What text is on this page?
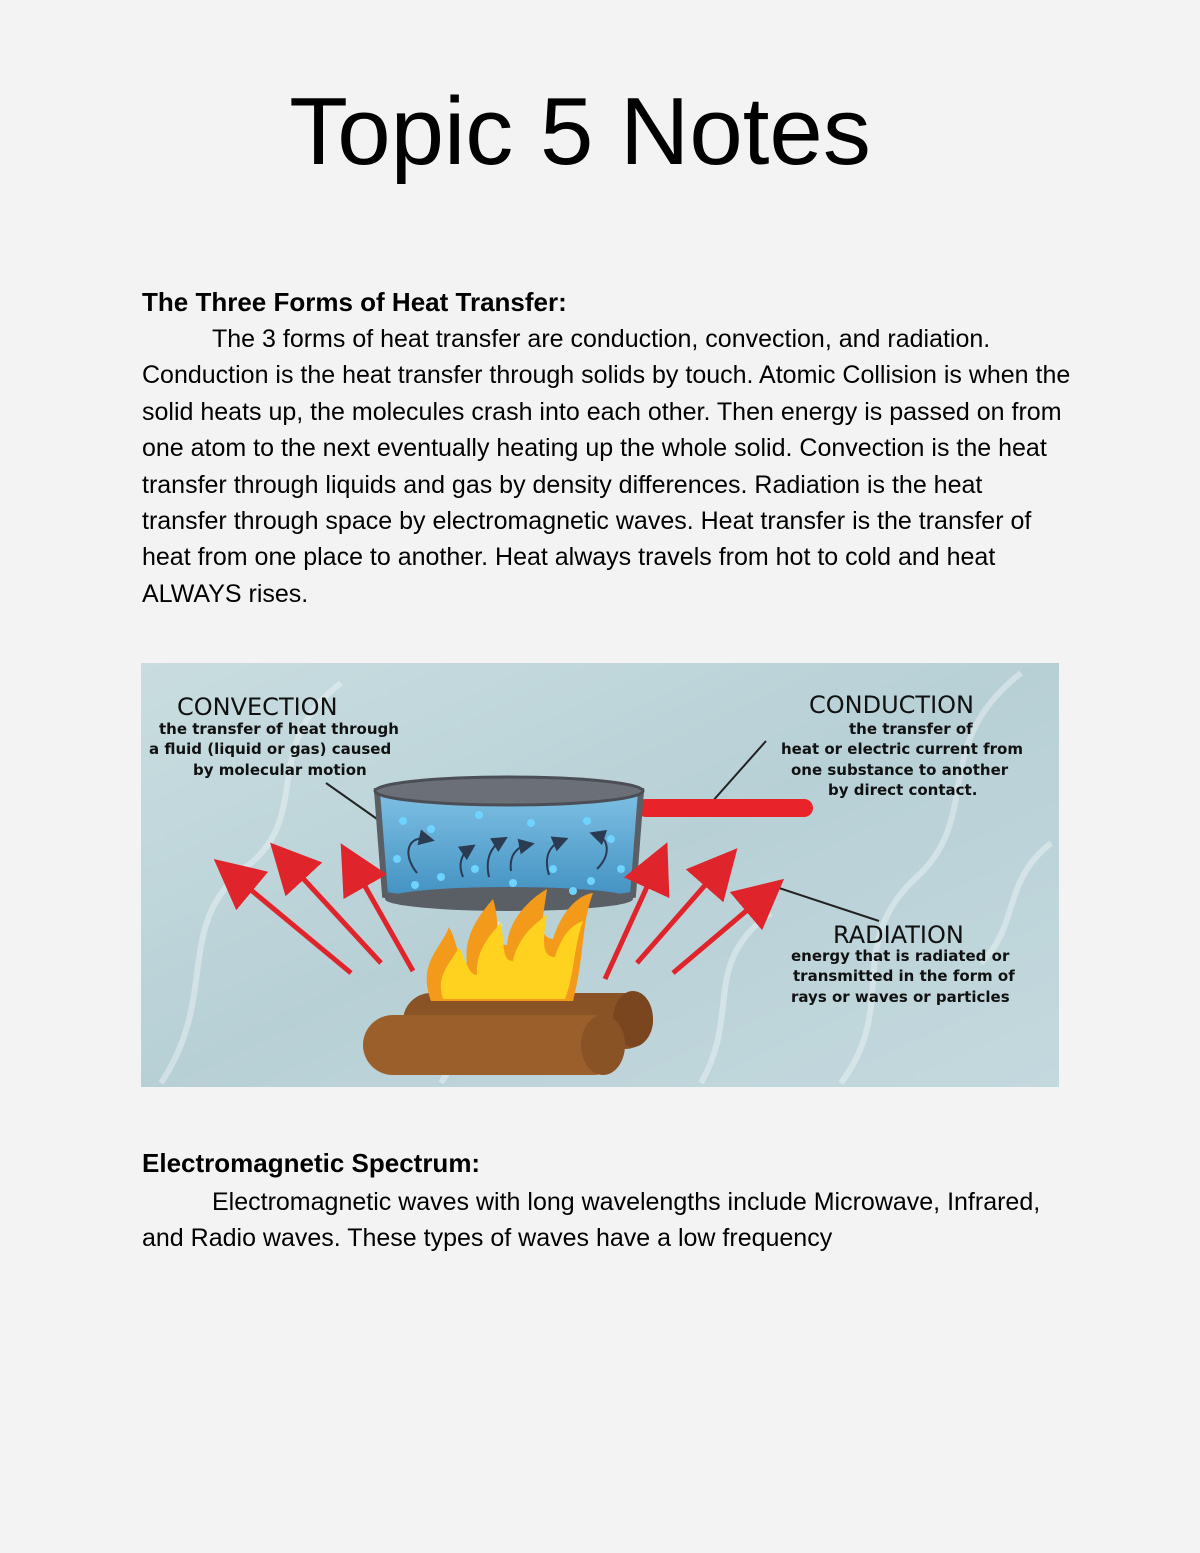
Topic 5 Notes
The Three Forms of Heat Transfer:
The 3 forms of heat transfer are conduction, convection, and radiation. Conduction is the heat transfer through solids by touch. Atomic Collision is when the solid heats up, the molecules crash into each other. Then energy is passed on from one atom to the next eventually heating up the whole solid. Convection is the heat transfer through liquids and gas by density differences. Radiation is the heat transfer through space by electromagnetic waves. Heat transfer is the transfer of heat from one place to another. Heat always travels from hot to cold and heat ALWAYS rises.
CONVECTION
the transfer of heat through
a fluid (liquid or gas) caused
by molecular motion
CONDUCTION
the transfer of
heat or electric current from
one substance to another
by direct contact.
RADIATION
energy that is radiated or
transmitted in the form of
rays or waves or particles
Electromagnetic Spectrum:
Electromagnetic waves with long wavelengths include Microwave, Infrared, and Radio waves. These types of waves have a low frequency
